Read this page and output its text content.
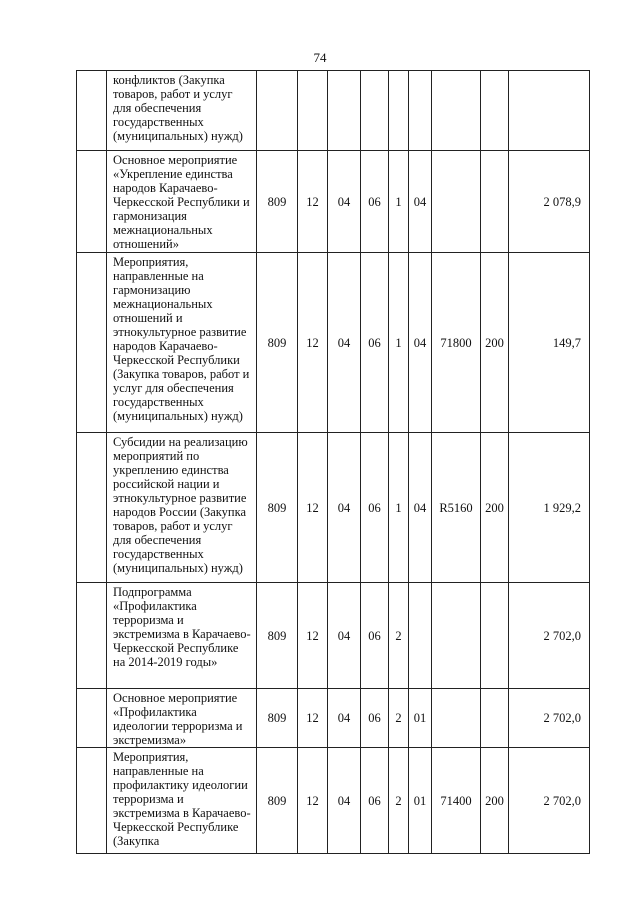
74
	конфликтов (Закупка товаров, работ и услуг для обеспечения государственных (муниципальных) нужд)									
	Основное мероприятие «Укрепление единства народов Карачаево-Черкесской Республики и гармонизация межнациональных отношений»	809	12	04	06	1	04			2 078,9
	Мероприятия, направленные на гармонизацию межнациональных отношений и этнокультурное развитие народов Карачаево-Черкесской Республики (Закупка товаров, работ и услуг для обеспечения государственных (муниципальных) нужд)	809	12	04	06	1	04	71800	200	149,7
	Субсидии на реализацию мероприятий по укреплению единства российской нации и этнокультурное развитие народов России (Закупка товаров, работ и услуг для обеспечения государственных (муниципальных) нужд)	809	12	04	06	1	04	R5160	200	1 929,2
	Подпрограмма «Профилактика терроризма и экстремизма в Карачаево-Черкесской Республике на 2014-2019 годы»	809	12	04	06	2				2 702,0
	Основное мероприятие «Профилактика идеологии терроризма и экстремизма»	809	12	04	06	2	01			2 702,0
	Мероприятия, направленные на профилактику идеологии терроризма и экстремизма в Карачаево-Черкесской Республике (Закупка	809	12	04	06	2	01	71400	200	2 702,0
